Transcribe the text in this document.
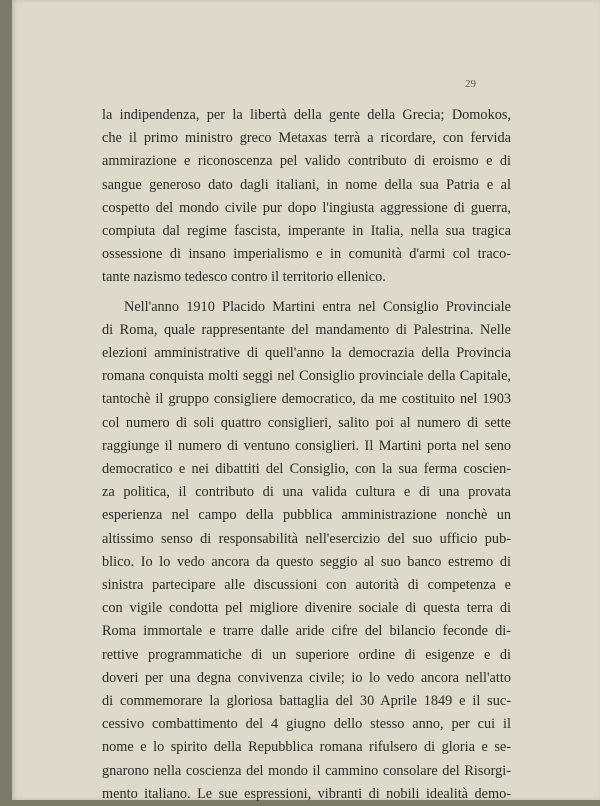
29

la indipendenza, per la libertà della gente della Grecia; Domokos,
che il primo ministro greco Metaxas terrà a ricordare, con fervida
ammirazione e riconoscenza pel valido contributo di eroismo e di
sangue generoso dato dagli italiani, in nome della sua Patria e al
cospetto del mondo civile pur dopo l'ingiusta aggressione di guerra,
compiuta dal regime fascista, imperante in Italia, nella sua tragica
ossessione di insano imperialismo e in comunità d'armi col traco-
tante nazismo tedesco contro il territorio ellenico.
Nell'anno 1910 Placido Martini entra nel Consiglio Provinciale
di Roma, quale rappresentante del mandamento di Palestrina. Nelle
elezioni amministrative di quell'anno la democrazia della Provincia
romana conquista molti seggi nel Consiglio provinciale della Capitale,
tantochè il gruppo consigliere democratico, da me costituito nel 1903
col numero di soli quattro consiglieri, salito poi al numero di sette
raggiunge il numero di ventuno consiglieri. Il Martini porta nel seno
democratico e nei dibattiti del Consiglio, con la sua ferma coscien-
za politica, il contributo di una valida cultura e di una provata
esperienza nel campo della pubblica amministrazione nonchè un
altissimo senso di responsabilità nell'esercizio del suo ufficio pub-
blico. Io lo vedo ancora da questo seggio al suo banco estremo di
sinistra partecipare alle discussioni con autorità di competenza e
con vigile condotta pel migliore divenire sociale di questa terra di
Roma immortale e trarre dalle aride cifre del bilancio feconde di-
rettive programmatiche di un superiore ordine di esigenze e di
doveri per una degna convivenza civile; io lo vedo ancora nell'atto
di commemorare la gloriosa battaglia del 30 Aprile 1849 e il suc-
cessivo combattimento del 4 giugno dello stesso anno, per cui il
nome e lo spirito della Repubblica romana rifulsero di gloria e se-
gnarono nella coscienza del mondo il cammino consolare del Risorgi-
mento italiano. Le sue espressioni, vibranti di nobili idealità demo-
